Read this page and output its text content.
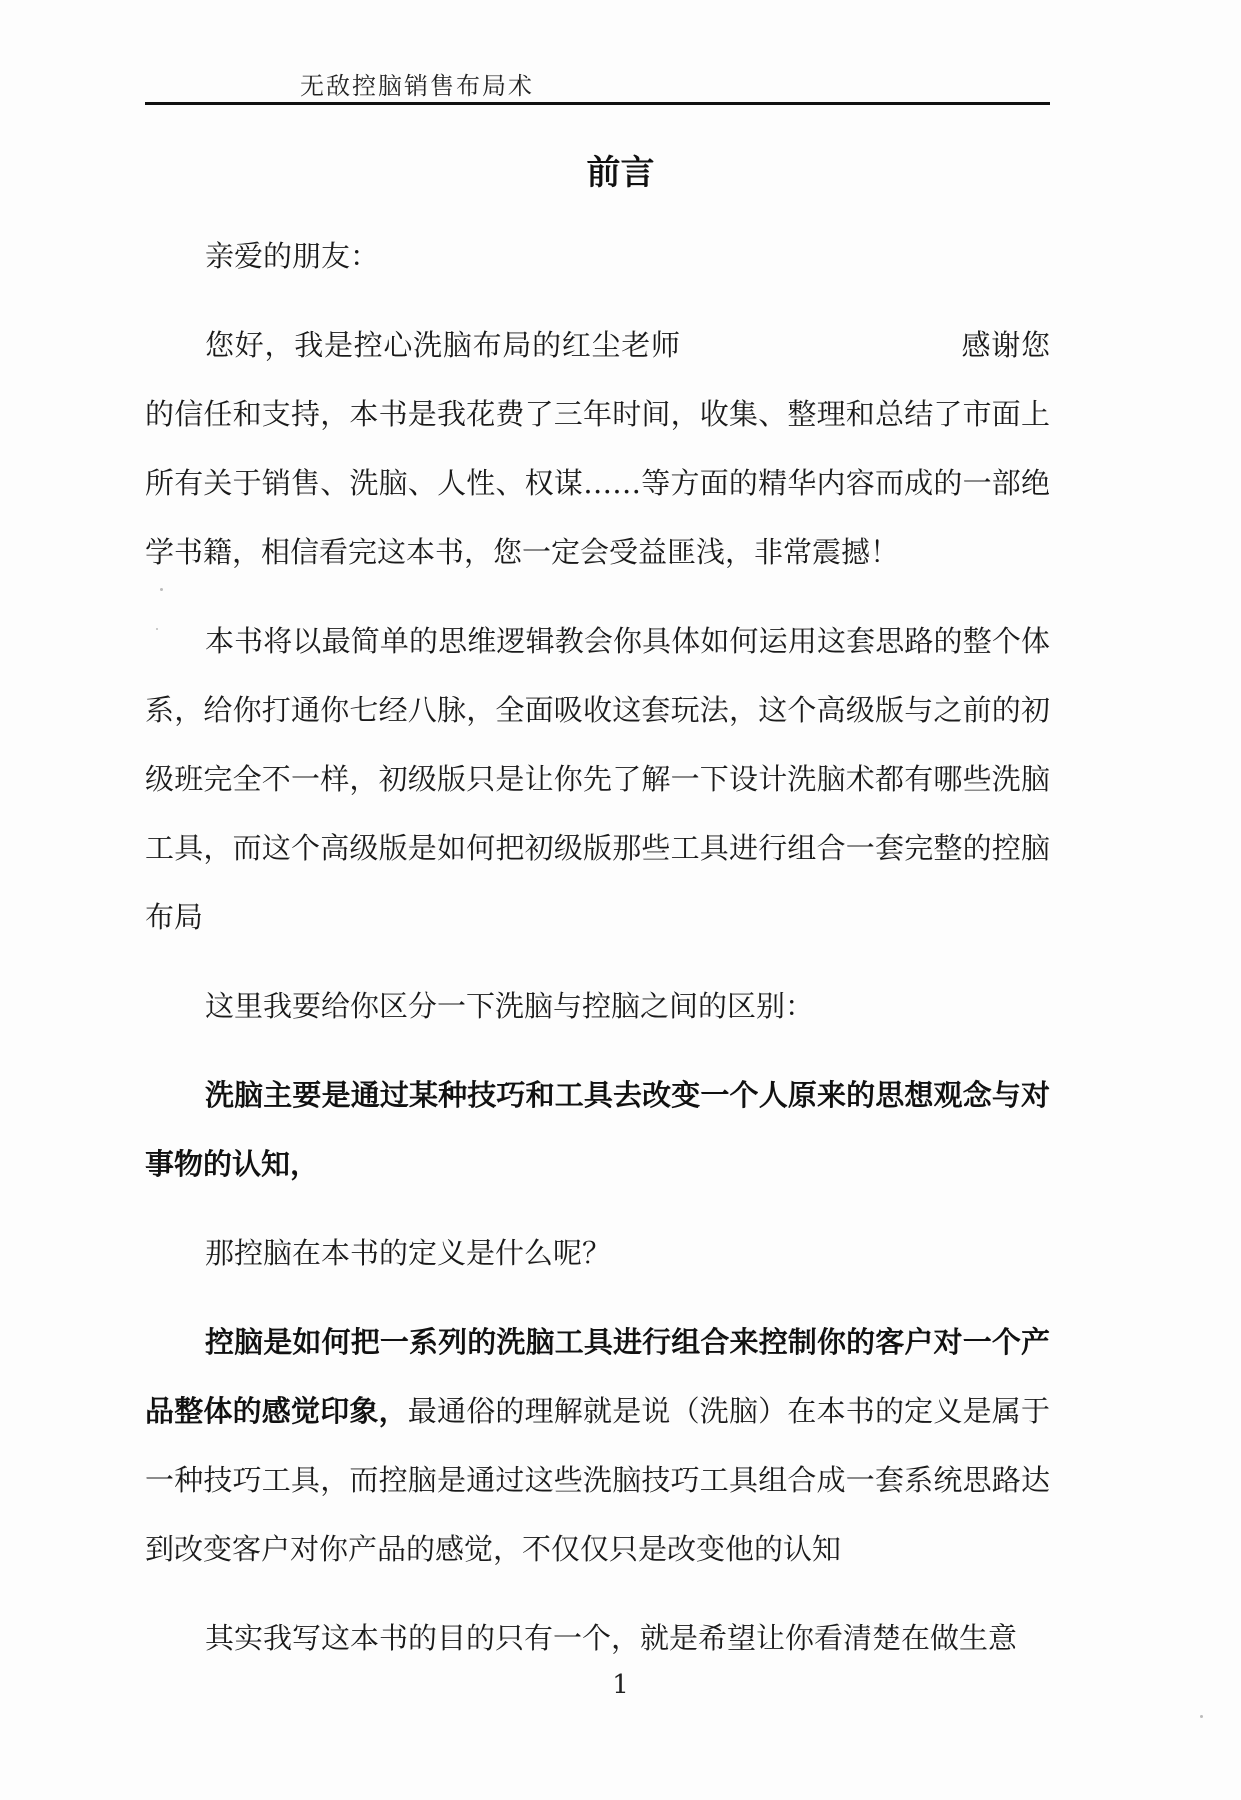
无敌控脑销售布局术
前言

亲爱的朋友：

您好，我是控心洗脑布局的红尘老师	感谢您的信任和支持，本书是我花费了三年时间，收集、整理和总结了市面上所有关于销售、洗脑、人性、权谋……等方面的精华内容而成的一部绝学书籍，相信看完这本书，您一定会受益匪浅，非常震撼！

本书将以最简单的思维逻辑教会你具体如何运用这套思路的整个体系，给你打通你七经八脉，全面吸收这套玩法，这个高级版与之前的初级班完全不一样，初级版只是让你先了解一下设计洗脑术都有哪些洗脑工具，而这个高级版是如何把初级版那些工具进行组合一套完整的控脑布局

这里我要给你区分一下洗脑与控脑之间的区别：

洗脑主要是通过某种技巧和工具去改变一个人原来的思想观念与对事物的认知，

那控脑在本书的定义是什么呢？

控脑是如何把一系列的洗脑工具进行组合来控制你的客户对一个产品整体的感觉印象，最通俗的理解就是说（洗脑）在本书的定义是属于一种技巧工具，而控脑是通过这些洗脑技巧工具组合成一套系统思路达到改变客户对你产品的感觉，不仅仅只是改变他的认知

其实我写这本书的目的只有一个，就是希望让你看清楚在做生意

1
